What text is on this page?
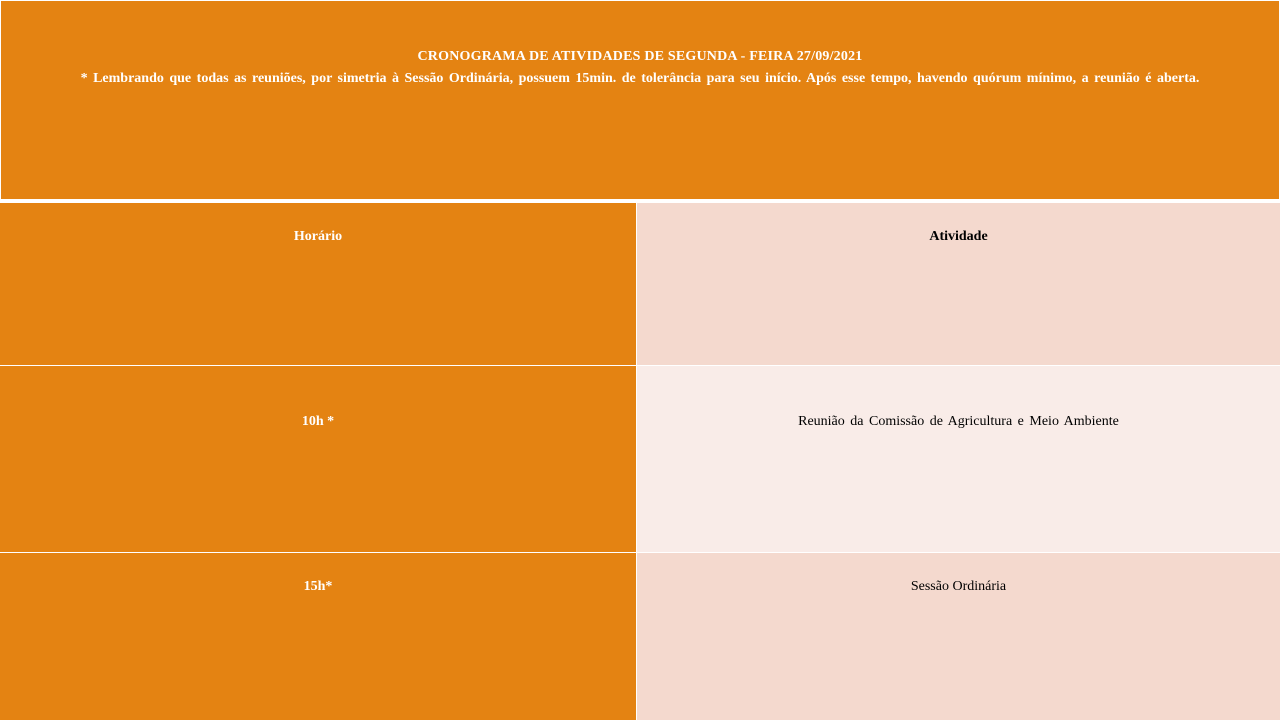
CRONOGRAMA DE ATIVIDADES DE SEGUNDA - FEIRA 27/09/2021
* Lembrando que todas as reuniões, por simetria à Sessão Ordinária, possuem 15min. de tolerância para seu início. Após esse tempo, havendo quórum mínimo, a reunião é aberta.
Horário	Atividade
10h *	Reunião da Comissão de Agricultura e Meio Ambiente
15h*	Sessão Ordinária
